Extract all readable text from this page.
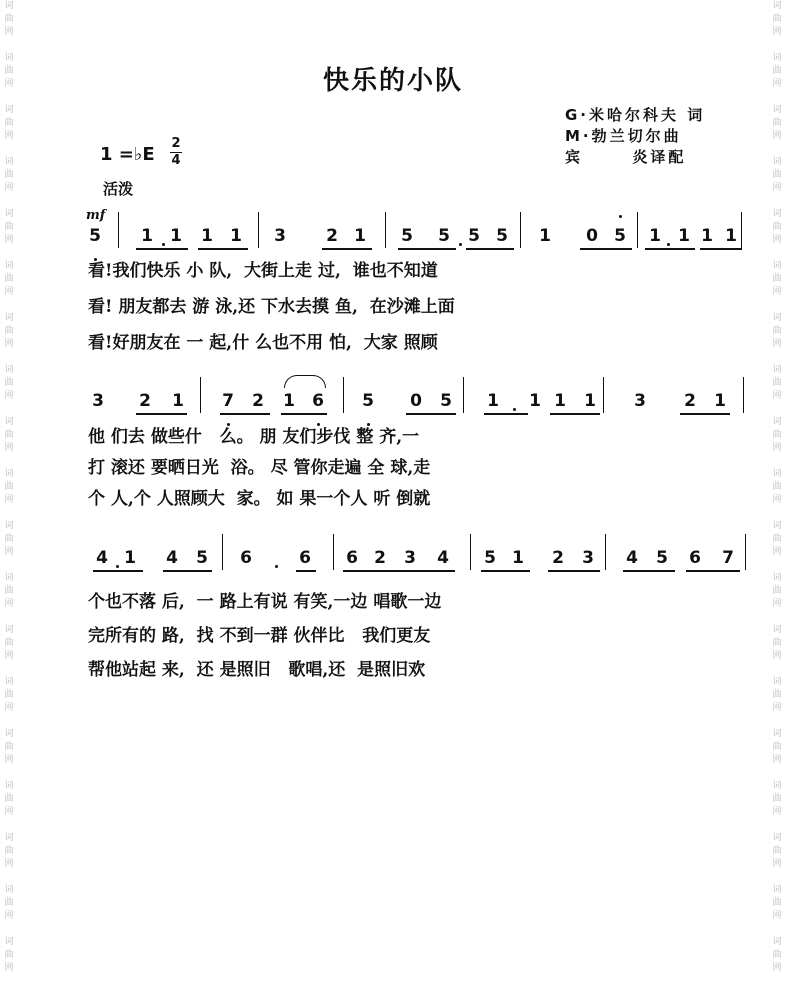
词
曲
网

词
曲
网

词
曲
网

词
曲
网

词
曲
网

词
曲
网

词
曲
网

词
曲
网

词
曲
网

词
曲
网

词
曲
网

词
曲
网

词
曲
网

词
曲
网

词
曲
网

词
曲
网

词
曲
网

词
曲
网

词
曲
网

词
曲
网

词
曲
网

词
曲
网

词
曲
网

词
曲
网

词
曲
网

词
曲
网

词
曲
网

词
曲
网

词
曲
网

词
曲
网

词
曲
网

词
曲
网

词
曲
网

词
曲
网

词
曲
网

词
曲
网

词
曲
网

词
曲
网

快乐的小队
G·米哈尔科夫 词
M·勃兰切尔曲
宾      炎译配
1 =♭E
2
4
活泼
mf
5 1 1 1 1 3 2 1 5 5 5 5 1 0 5 1 1 1 1
看!我们快乐 小 队,  大街上走 过,  谁也不知道
看! 朋友都去 游 泳,还 下水去摸 鱼,  在沙滩上面
看!好朋友在 一 起,什 么也不用 怕,  大家 照顾
3 2 1 7 2 1 6 5 0 5 1 1 1 1 3 2 1
他 们去 做些什   么。 朋 友们步伐 整 齐,一
打 滚还 要晒日光  浴。 尽 管你走遍 全 球,走
个 人,个 人照顾大  家。 如 果一个人 听 倒就
4 1 4 5 6	6 6 2 3 4 5 1 2 3 4 5 6 7
个也不落 后,  一 路上有说 有笑,一边 唱歌一边
完所有的 路,  找 不到一群 伙伴比   我们更友
帮他站起 来,  还 是照旧   歌唱,还  是照旧欢
